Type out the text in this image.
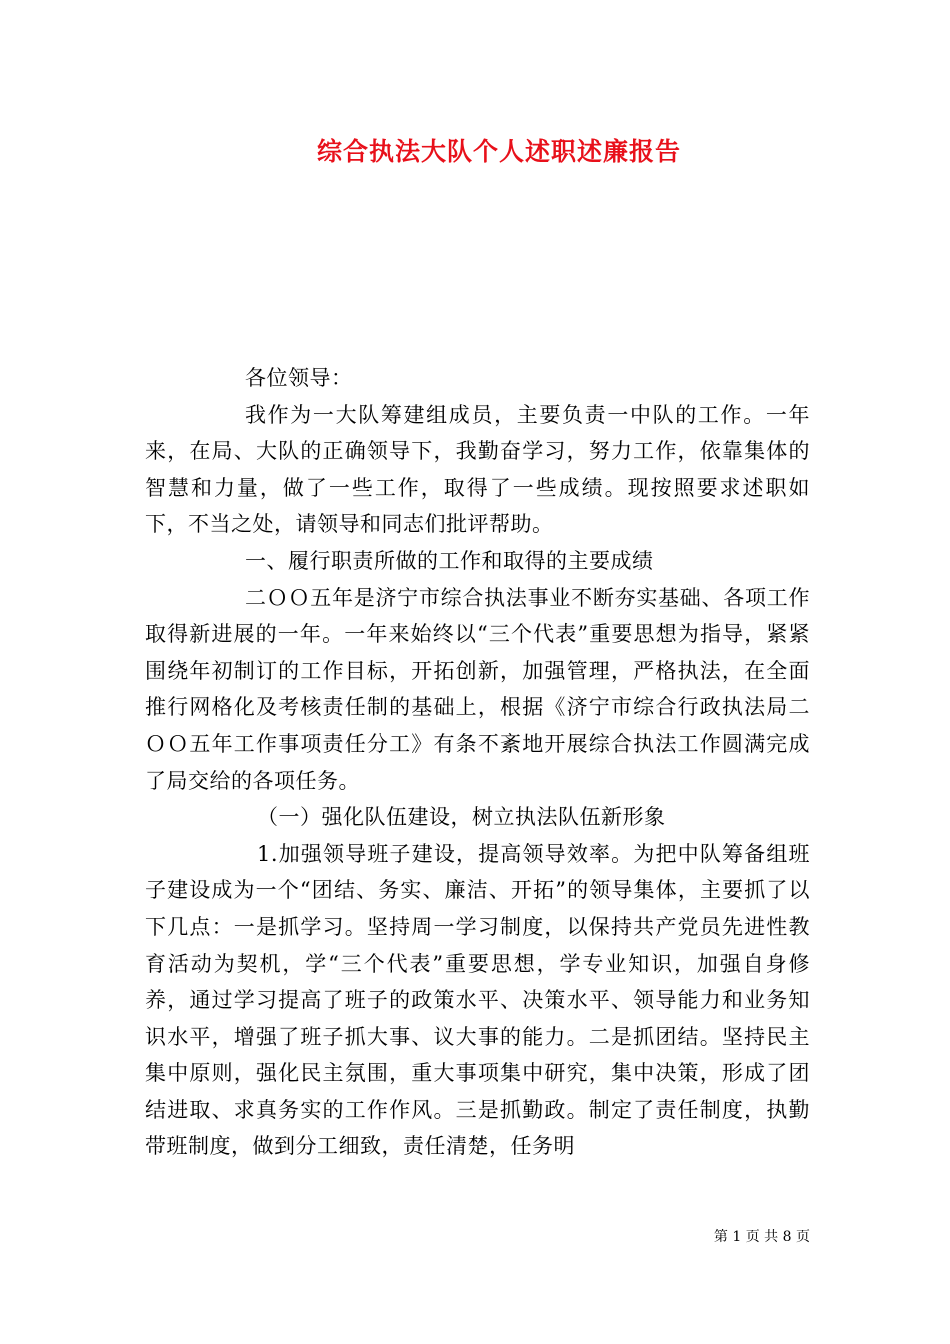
综合执法大队个人述职述廉报告

各位领导：

我作为一大队筹建组成员，主要负责一中队的工作。一年来，在局、大队的正确领导下，我勤奋学习，努力工作，依靠集体的智慧和力量，做了一些工作，取得了一些成绩。现按照要求述职如下，不当之处，请领导和同志们批评帮助。

一、履行职责所做的工作和取得的主要成绩

二ＯＯ五年是济宁市综合执法事业不断夯实基础、各项工作取得新进展的一年。一年来始终以“三个代表”重要思想为指导，紧紧围绕年初制订的工作目标，开拓创新，加强管理，严格执法，在全面推行网格化及考核责任制的基础上，根据《济宁市综合行政执法局二ＯＯ五年工作事项责任分工》有条不紊地开展综合执法工作圆满完成了局交给的各项任务。

（一）强化队伍建设，树立执法队伍新形象

1.加强领导班子建设，提高领导效率。为把中队筹备组班子建设成为一个“团结、务实、廉洁、开拓”的领导集体，主要抓了以下几点：一是抓学习。坚持周一学习制度，以保持共产党员先进性教育活动为契机，学“三个代表”重要思想，学专业知识，加强自身修养，通过学习提高了班子的政策水平、决策水平、领导能力和业务知识水平，增强了班子抓大事、议大事的能力。二是抓团结。坚持民主集中原则，强化民主氛围，重大事项集中研究，集中决策，形成了团结进取、求真务实的工作作风。三是抓勤政。制定了责任制度，执勤带班制度，做到分工细致，责任清楚，任务明

第 1 页 共 8 页
